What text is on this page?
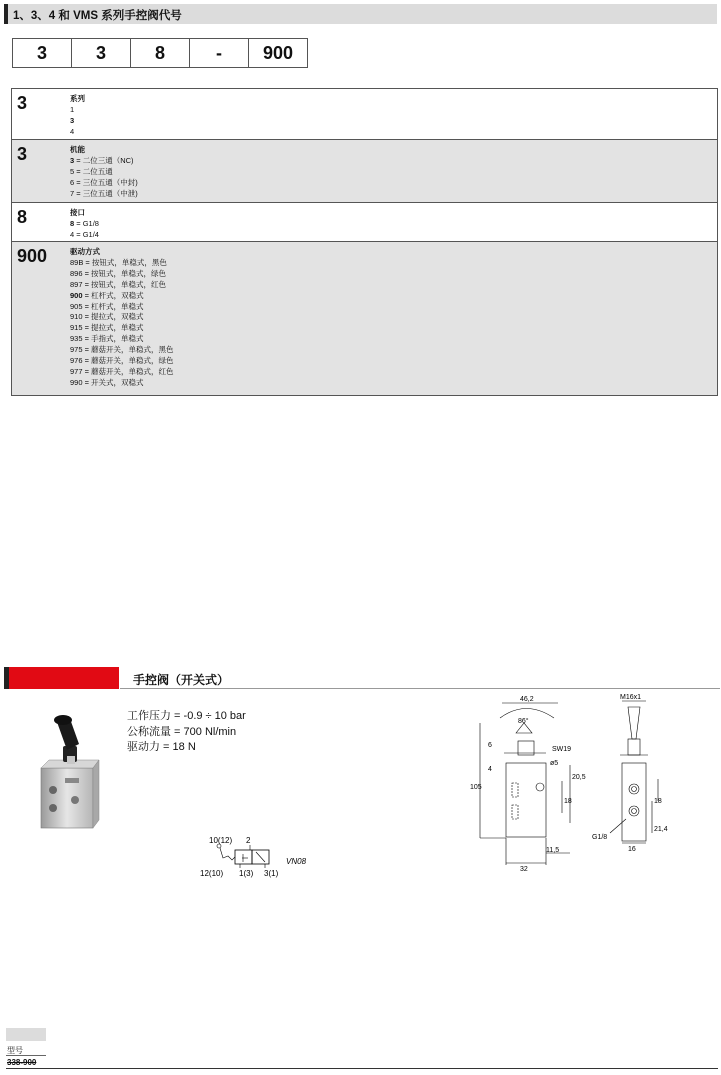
1、3、4 和 VMS 系列手控阀代号
3	3	8	-	900
3	系列
1
3
4
3	机能
3 = 二位三通（NC)
5 = 二位五通
6 = 三位五通（中封)
7 = 三位五通（中泄)
8	接口
8 = G1/8
4 = G1/4
900	驱动方式
89B = 按钮式，单稳式，黑色
896 = 按钮式，单稳式，绿色
897 = 按钮式，单稳式，红色
900 = 杠杆式，双稳式
905 = 杠杆式，单稳式
910 = 提拉式，双稳式
915 = 提拉式，单稳式
935 = 手指式，单稳式
975 = 蘑菇开关，单稳式，黑色
976 = 蘑菇开关，单稳式，绿色
977 = 蘑菇开关，单稳式，红色
990 = 开关式，双稳式
手控阀（开关式）
工作压力 = -0.9 ÷ 10 bar
公称流量 = 700 Nl/min
驱动力 = 18 N
10(12) 2
12(10) 1(3) 3(1)
VN08
46,2
86°
SW19
ø5
6
4
105
20,5
18
11,5
32
M16x1
18
21,4
G1/8
16
型号
338-900
